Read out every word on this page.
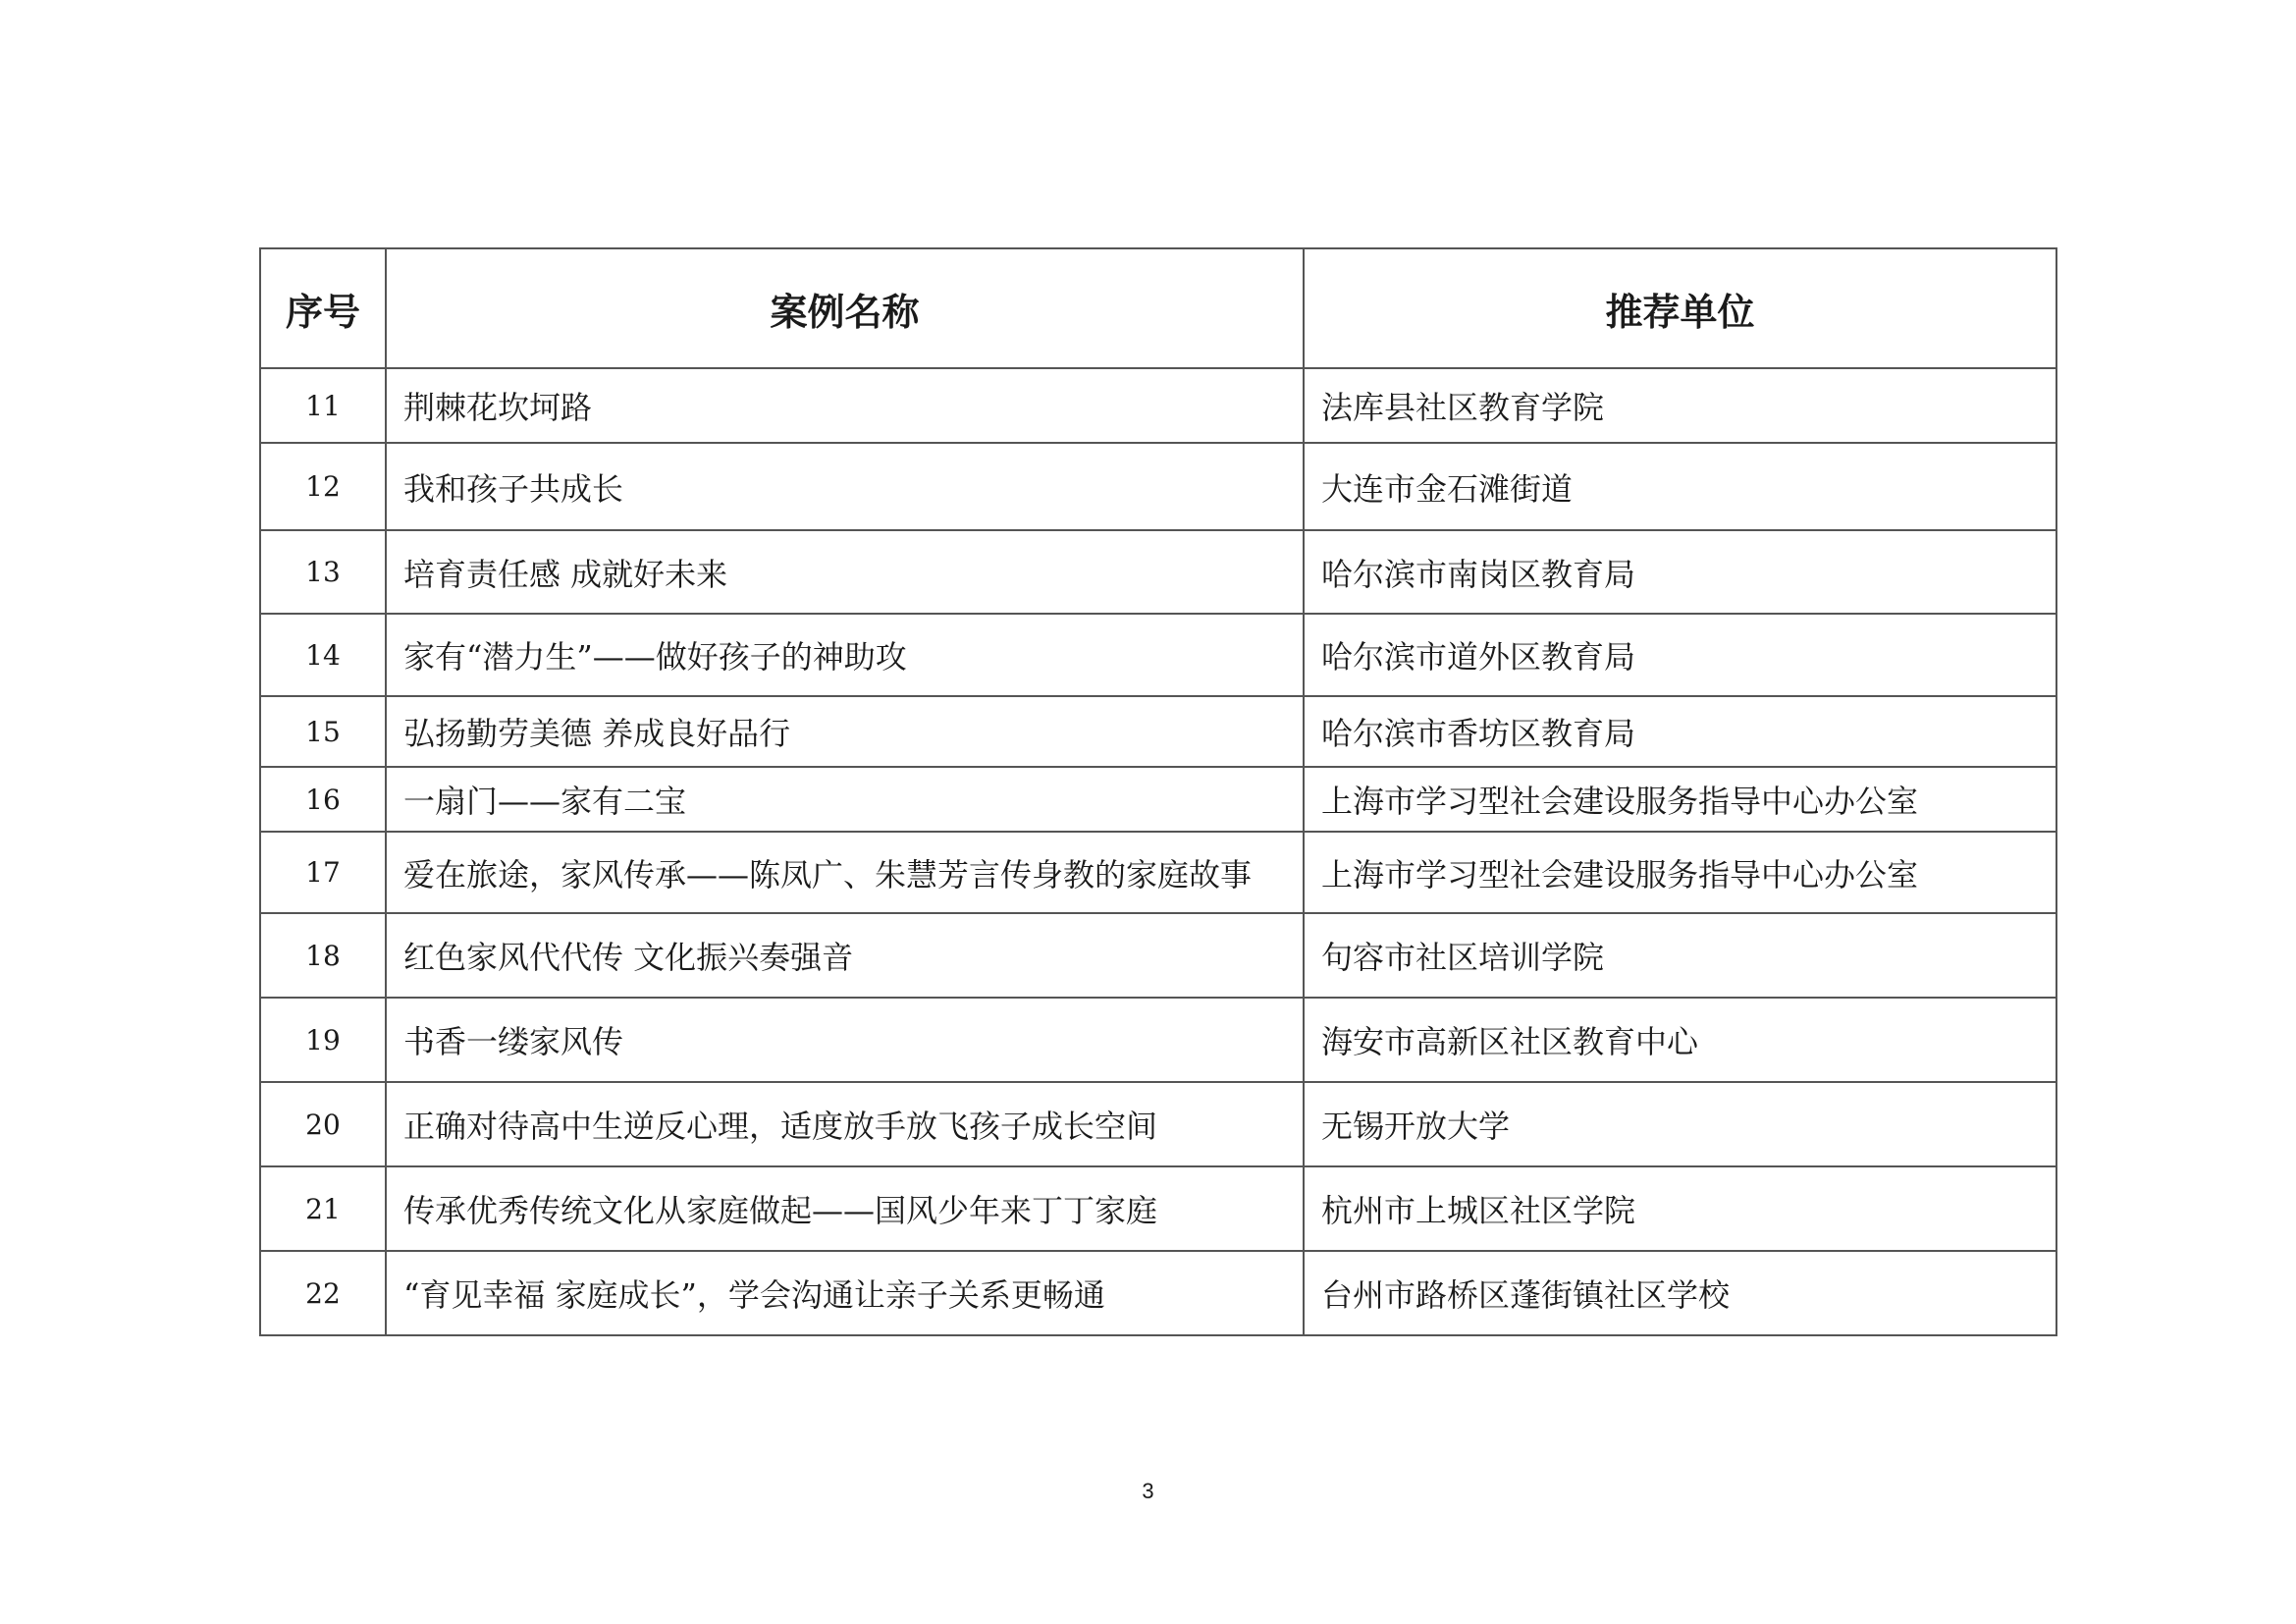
序号	案例名称	推荐单位
11	荆棘花坎坷路	法库县社区教育学院
12	我和孩子共成长	大连市金石滩街道
13	培育责任感 成就好未来	哈尔滨市南岗区教育局
14	家有“潜力生”——做好孩子的神助攻	哈尔滨市道外区教育局
15	弘扬勤劳美德 养成良好品行	哈尔滨市香坊区教育局
16	一扇门——家有二宝	上海市学习型社会建设服务指导中心办公室
17	爱在旅途，家风传承——陈凤广、朱慧芳言传身教的家庭故事	上海市学习型社会建设服务指导中心办公室
18	红色家风代代传 文化振兴奏强音	句容市社区培训学院
19	书香一缕家风传	海安市高新区社区教育中心
20	正确对待高中生逆反心理，适度放手放飞孩子成长空间	无锡开放大学
21	传承优秀传统文化从家庭做起——国风少年来丁丁家庭	杭州市上城区社区学院
22	“育见幸福 家庭成长”，学会沟通让亲子关系更畅通	台州市路桥区蓬街镇社区学校
3
